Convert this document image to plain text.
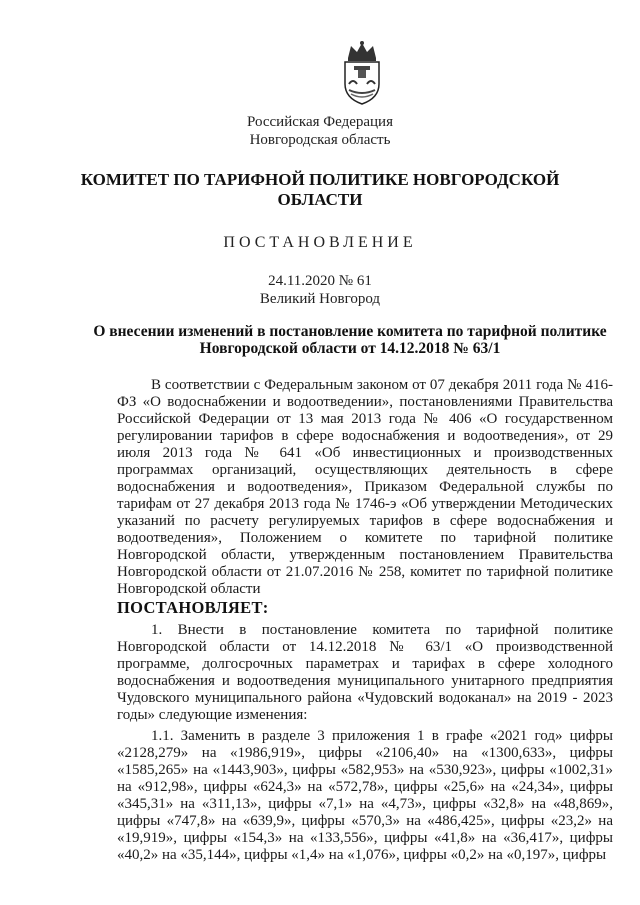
Российская Федерация
Новгородская область
КОМИТЕТ ПО ТАРИФНОЙ ПОЛИТИКЕ НОВГОРОДСКОЙ ОБЛАСТИ
ПОСТАНОВЛЕНИЕ
24.11.2020 № 61
Великий Новгород
О внесении изменений в постановление комитета по тарифной политике Новгородской области от 14.12.2018 № 63/1

В соответствии с Федеральным законом от 07 декабря 2011 года № 416-ФЗ «О водоснабжении и водоотведении», постановлениями Правительства Российской Федерации от 13 мая 2013 года № 406 «О государственном регулировании тарифов в сфере водоснабжения и водоотведения», от 29 июля 2013 года № 641 «Об инвестиционных и производственных программах организаций, осуществляющих деятельность в сфере водоснабжения и водоотведения», Приказом Федеральной службы по тарифам от 27 декабря 2013 года № 1746-э «Об утверждении Методических указаний по расчету регулируемых тарифов в сфере водоснабжения и водоотведения», Положением о комитете по тарифной политике Новгородской области, утвержденным постановлением Правительства Новгородской области от 21.07.2016 № 258, комитет по тарифной политике Новгородской области

ПОСТАНОВЛЯЕТ:

1. Внести в постановление комитета по тарифной политике Новгородской области от 14.12.2018 № 63/1 «О производственной программе, долгосрочных параметрах и тарифах в сфере холодного водоснабжения и водоотведения муниципального унитарного предприятия Чудовского муниципального района «Чудовский водоканал» на 2019 - 2023 годы» следующие изменения:

1.1. Заменить в разделе 3 приложения 1 в графе «2021 год» цифры «2128,279» на «1986,919», цифры «2106,40» на «1300,633», цифры «1585,265» на «1443,903», цифры «582,953» на «530,923», цифры «1002,31» на «912,98», цифры «624,3» на «572,78», цифры «25,6» на «24,34», цифры «345,31» на «311,13», цифры «7,1» на «4,73», цифры «32,8» на «48,869», цифры «747,8» на «639,9», цифры «570,3» на «486,425», цифры «23,2» на «19,919», цифры «154,3» на «133,556», цифры «41,8» на «36,417», цифры «40,2» на «35,144», цифры «1,4» на «1,076», цифры «0,2» на «0,197», цифры
